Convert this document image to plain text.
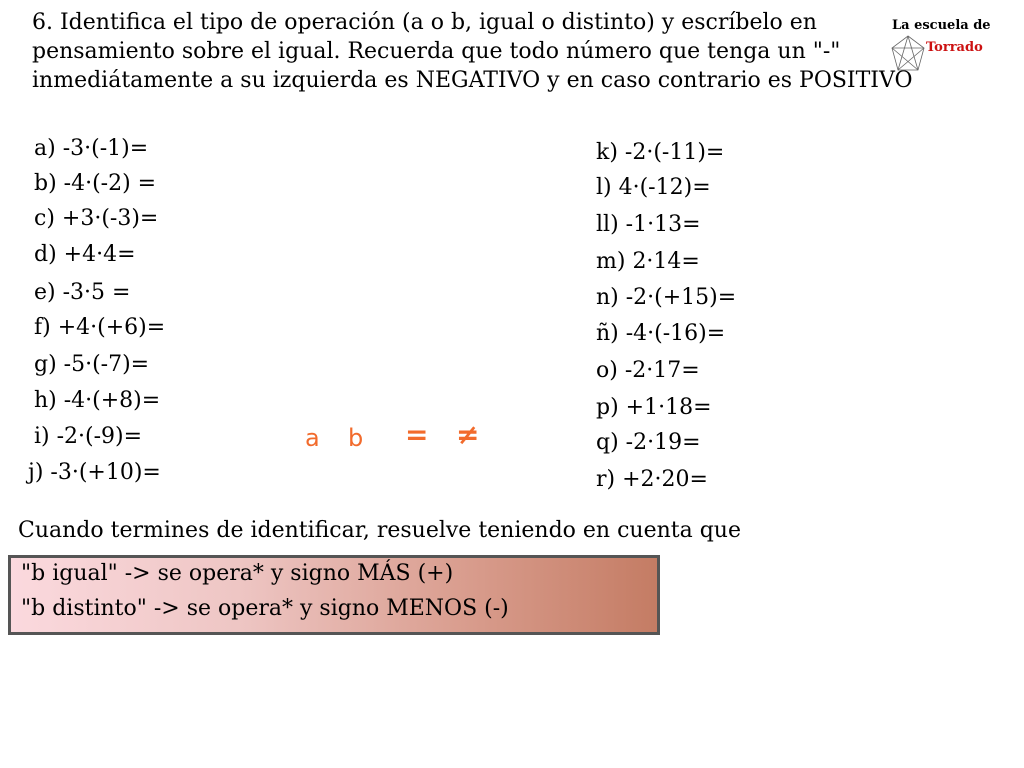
6. Identifica el tipo de operación (a o b, igual o distinto) y escríbelo en
pensamiento sobre el igual. Recuerda que todo número que tenga un "-"
inmediátamente a su izquierda es NEGATIVO y en caso contrario es POSITIVO

La escuela de
Torrado
a) -3·(-1)=
b) -4·(-2) =
c) +3·(-3)=
d) +4·4=
e) -3·5 =
f) +4·(+6)=
g) -5·(-7)=
h) -4·(+8)=
i) -2·(-9)=
j) -3·(+10)=
k) -2·(-11)=
l) 4·(-12)=
ll) -1·13=
m) 2·14=
n) -2·(+15)=
ñ) -4·(-16)=
o) -2·17=
p) +1·18=
q) -2·19=
r) +2·20=
a b = ≠

Cuando termines de identificar, resuelve teniendo en cuenta que

"b igual" -> se opera* y signo MÁS (+)
"b distinto" -> se opera* y signo MENOS (-)
